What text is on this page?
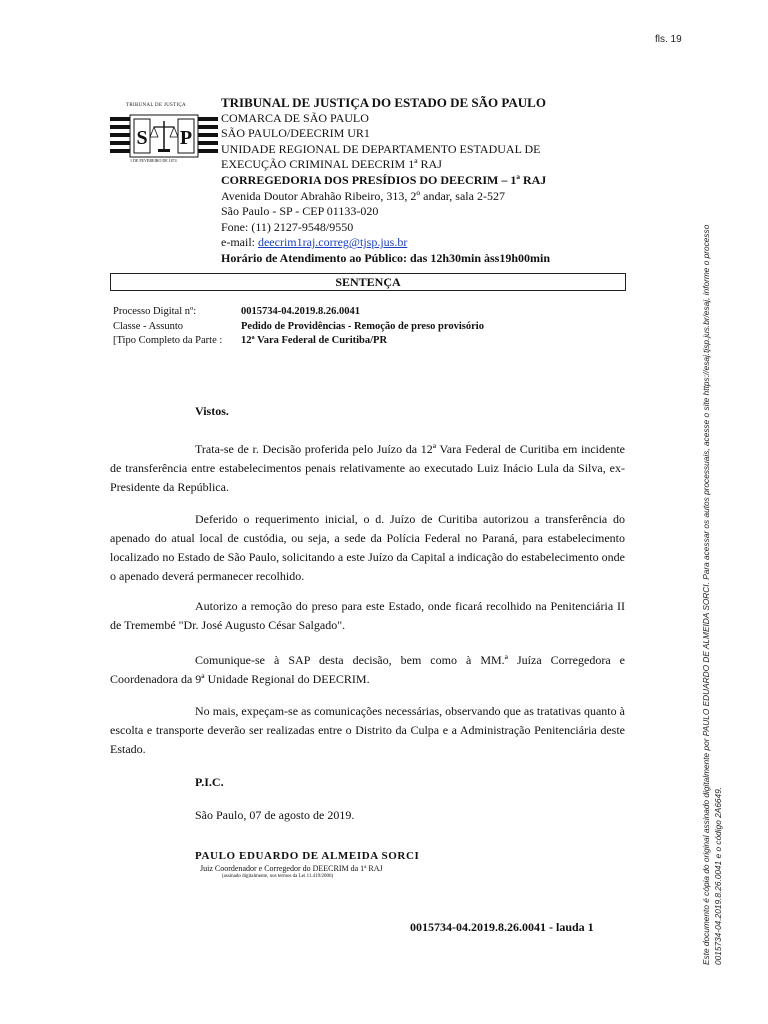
fls. 19
TRIBUNAL DE JUSTIÇA
S P
1 DE FEVEREIRO DE 1874
TRIBUNAL DE JUSTIÇA DO ESTADO DE SÃO PAULO
COMARCA DE SÃO PAULO
SÃO PAULO/DEECRIM UR1
UNIDADE REGIONAL DE DEPARTAMENTO ESTADUAL DE
EXECUÇÃO CRIMINAL DEECRIM 1ª RAJ
CORREGEDORIA DOS PRESÍDIOS DO DEECRIM – 1ª RAJ
Avenida Doutor Abrahão Ribeiro, 313, 2º andar, sala 2-527
São Paulo - SP - CEP 01133-020
Fone: (11) 2127-9548/9550
e-mail: deecrim1raj.correg@tjsp.jus.br
Horário de Atendimento ao Público: das 12h30min àss19h00min
SENTENÇA
Processo Digital nº:	0015734-04.2019.8.26.0041
Classe - Assunto	Pedido de Providências - Remoção de preso provisório
[Tipo Completo da Parte :	12ª Vara Federal de Curitiba/PR

Vistos.

Trata-se de r. Decisão proferida pelo Juízo da 12ª Vara Federal de Curitiba em incidente de transferência entre estabelecimentos penais relativamente ao executado Luiz Inácio Lula da Silva, ex-Presidente da República.

Deferido o requerimento inicial, o d. Juízo de Curitiba autorizou a transferência do apenado do atual local de custódia, ou seja, a sede da Polícia Federal no Paraná, para estabelecimento localizado no Estado de São Paulo, solicitando a este Juízo da Capital a indicação do estabelecimento onde o apenado deverá permanecer recolhido.

Autorizo a remoção do preso para este Estado, onde ficará recolhido na Penitenciária II de Tremembé "Dr. José Augusto César Salgado".

Comunique-se à SAP desta decisão, bem como à MM.ª Juíza Corregedora e Coordenadora da 9ª Unidade Regional do DEECRIM.

No mais, expeçam-se as comunicações necessárias, observando que as tratativas quanto à escolta e transporte deverão ser realizadas entre o Distrito da Culpa e a Administração Penitenciária deste Estado.

P.I.C.

São Paulo, 07 de agosto de 2019.

PAULO EDUARDO DE ALMEIDA SORCI
Juiz Coordenador e Corregedor do DEECRIM da 1ª RAJ
(assinado digitalmente, nos termos da Lei 11.419/2006)
0015734-04.2019.8.26.0041 - lauda 1	Este documento é cópia do original assinado digitalmente por PAULO EDUARDO DE ALMEIDA SORCI. Para acessar os autos processuais, acesse o site https://esaj.tjsp.jus.br/esaj, informe o processo 0015734-04.2019.8.26.0041 e o código 2A6649.
